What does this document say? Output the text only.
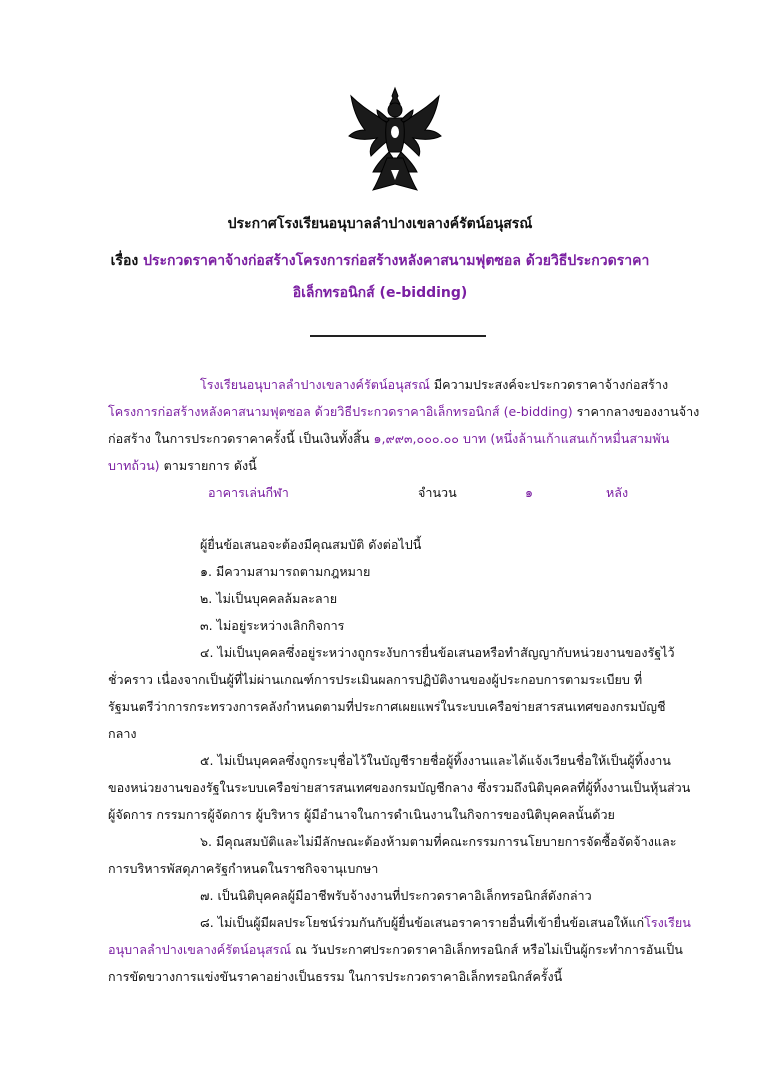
ประกาศโรงเรียนอนุบาลลำปางเขลางค์รัตน์อนุสรณ์
เรื่อง ประกวดราคาจ้างก่อสร้างโครงการก่อสร้างหลังคาสนามฟุตซอล ด้วยวิธีประกวดราคา
อิเล็กทรอนิกส์ (e-bidding)
โรงเรียนอนุบาลลำปางเขลางค์รัตน์อนุสรณ์ มีความประสงค์จะประกวดราคาจ้างก่อสร้าง
โครงการก่อสร้างหลังคาสนามฟุตซอล ด้วยวิธีประกวดราคาอิเล็กทรอนิกส์ (e-bidding) ราคากลางของงานจ้าง
ก่อสร้าง ในการประกวดราคาครั้งนี้ เป็นเงินทั้งสิ้น ๑,๙๙๓,๐๐๐.๐๐ บาท (หนึ่งล้านเก้าแสนเก้าหมื่นสามพัน
บาทถ้วน) ตามรายการ ดังนี้
อาคารเล่นกีฬา	จำนวน	๑	หลัง
ผู้ยื่นข้อเสนอจะต้องมีคุณสมบัติ ดังต่อไปนี้
๑. มีความสามารถตามกฎหมาย
๒. ไม่เป็นบุคคลล้มละลาย
๓. ไม่อยู่ระหว่างเลิกกิจการ
๔. ไม่เป็นบุคคลซึ่งอยู่ระหว่างถูกระงับการยื่นข้อเสนอหรือทำสัญญากับหน่วยงานของรัฐไว้
ชั่วคราว เนื่องจากเป็นผู้ที่ไม่ผ่านเกณฑ์การประเมินผลการปฏิบัติงานของผู้ประกอบการตามระเบียบ ที่
รัฐมนตรีว่าการกระทรวงการคลังกำหนดตามที่ประกาศเผยแพร่ในระบบเครือข่ายสารสนเทศของกรมบัญชี
กลาง
๕. ไม่เป็นบุคคลซึ่งถูกระบุชื่อไว้ในบัญชีรายชื่อผู้ทิ้งงานและได้แจ้งเวียนชื่อให้เป็นผู้ทิ้งงาน
ของหน่วยงานของรัฐในระบบเครือข่ายสารสนเทศของกรมบัญชีกลาง ซึ่งรวมถึงนิติบุคคลที่ผู้ทิ้งงานเป็นหุ้นส่วน
ผู้จัดการ กรรมการผู้จัดการ ผู้บริหาร ผู้มีอำนาจในการดำเนินงานในกิจการของนิติบุคคลนั้นด้วย
๖. มีคุณสมบัติและไม่มีลักษณะต้องห้ามตามที่คณะกรรมการนโยบายการจัดซื้อจัดจ้างและ
การบริหารพัสดุภาครัฐกำหนดในราชกิจจานุเบกษา
๗. เป็นนิติบุคคลผู้มีอาชีพรับจ้างงานที่ประกวดราคาอิเล็กทรอนิกส์ดังกล่าว
๘. ไม่เป็นผู้มีผลประโยชน์ร่วมกันกับผู้ยื่นข้อเสนอราคารายอื่นที่เข้ายื่นข้อเสนอให้แก่โรงเรียน
อนุบาลลำปางเขลางค์รัตน์อนุสรณ์ ณ วันประกาศประกวดราคาอิเล็กทรอนิกส์ หรือไม่เป็นผู้กระทำการอันเป็น
การขัดขวางการแข่งขันราคาอย่างเป็นธรรม ในการประกวดราคาอิเล็กทรอนิกส์ครั้งนี้
